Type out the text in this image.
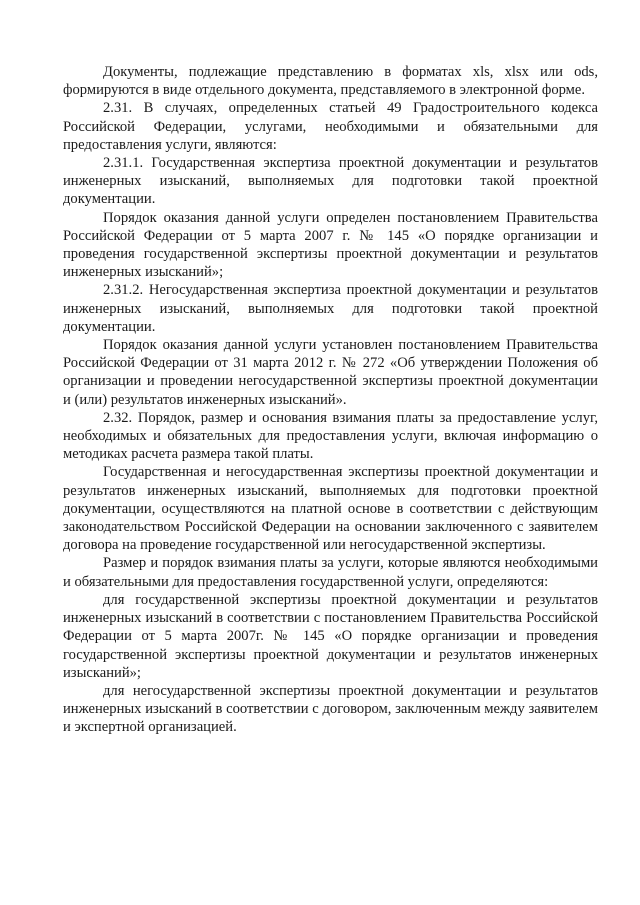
Документы, подлежащие представлению в форматах xls, xlsx или ods, формируются в виде отдельного документа, представляемого в электронной форме.

2.31. В случаях, определенных статьей 49 Градостроительного кодекса Российской Федерации, услугами, необходимыми и обязательными для предоставления услуги, являются:

2.31.1. Государственная экспертиза проектной документации и результатов инженерных изысканий, выполняемых для подготовки такой проектной документации.

Порядок оказания данной услуги определен постановлением Правительства Российской Федерации от 5 марта 2007 г. № 145 «О порядке организации и проведения государственной экспертизы проектной документации и результатов инженерных изысканий»;

2.31.2. Негосударственная экспертиза проектной документации и результатов инженерных изысканий, выполняемых для подготовки такой проектной документации.

Порядок оказания данной услуги установлен постановлением Правительства Российской Федерации от 31 марта 2012 г. № 272 «Об утверждении Положения об организации и проведении негосударственной экспертизы проектной документации и (или) результатов инженерных изысканий».

2.32. Порядок, размер и основания взимания платы за предоставление услуг, необходимых и обязательных для предоставления услуги, включая информацию о методиках расчета размера такой платы.

Государственная и негосударственная экспертизы проектной документации и результатов инженерных изысканий, выполняемых для подготовки проектной документации, осуществляются на платной основе в соответствии с действующим законодательством Российской Федерации на основании заключенного с заявителем договора на проведение государственной или негосударственной экспертизы.

Размер и порядок взимания платы за услуги, которые являются необходимыми и обязательными для предоставления государственной услуги, определяются:

для государственной экспертизы проектной документации и результатов инженерных изысканий в соответствии с постановлением Правительства Российской Федерации от 5 марта 2007г. № 145 «О порядке организации и проведения государственной экспертизы проектной документации и результатов инженерных изысканий»;

для негосударственной экспертизы проектной документации и результатов инженерных изысканий в соответствии с договором, заключенным между заявителем и экспертной организацией.
